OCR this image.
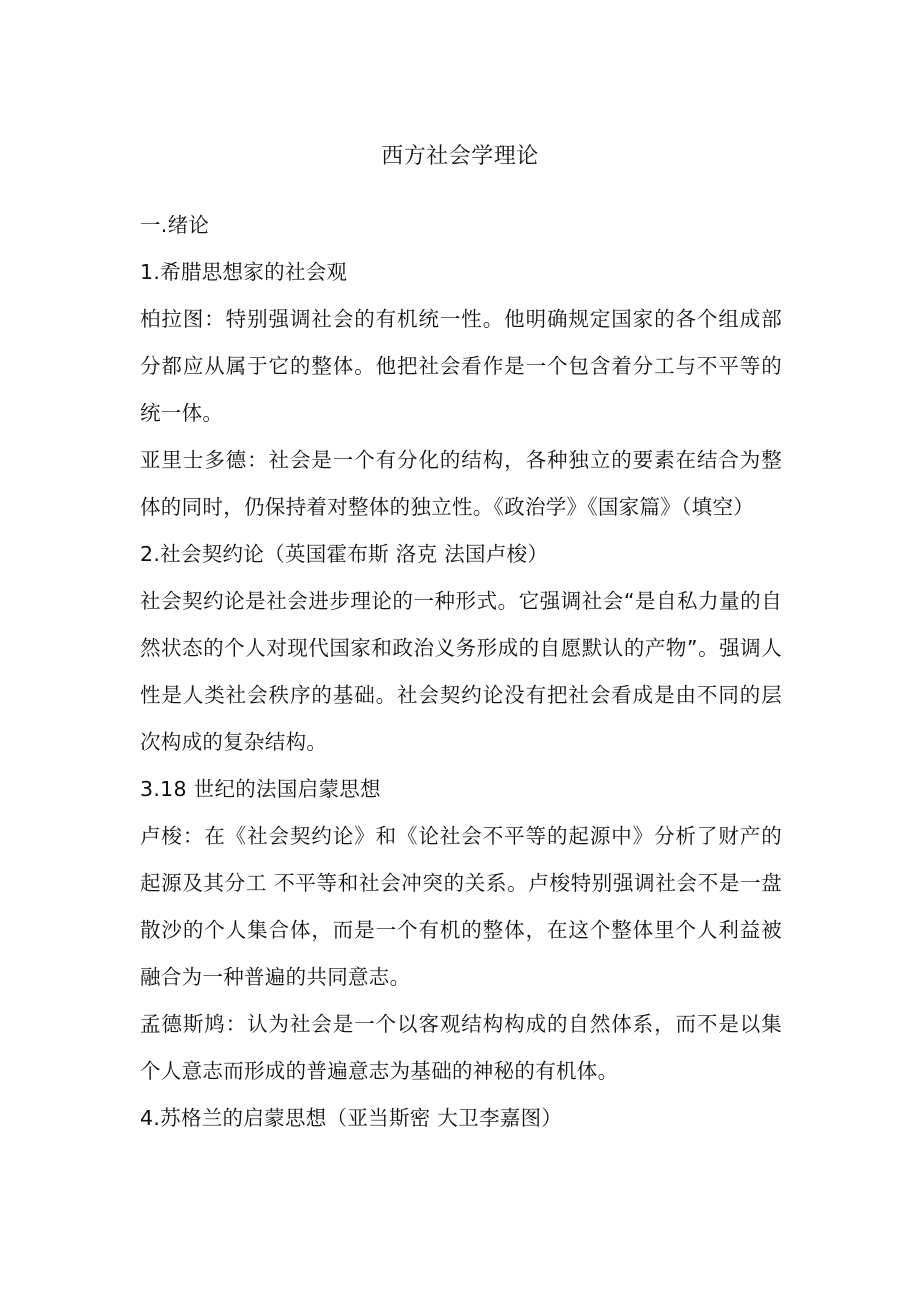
西方社会学理论

一.绪论

1.希腊思想家的社会观

柏拉图：特别强调社会的有机统一性。他明确规定国家的各个组成部分都应从属于它的整体。他把社会看作是一个包含着分工与不平等的统一体。

亚里士多德：社会是一个有分化的结构，各种独立的要素在结合为整体的同时，仍保持着对整体的独立性。《政治学》《国家篇》（填空）

2.社会契约论（英国霍布斯 洛克 法国卢梭）

社会契约论是社会进步理论的一种形式。它强调社会“是自私力量的自然状态的个人对现代国家和政治义务形成的自愿默认的产物”。强调人性是人类社会秩序的基础。社会契约论没有把社会看成是由不同的层次构成的复杂结构。

3.18 世纪的法国启蒙思想

卢梭：在《社会契约论》和《论社会不平等的起源中》分析了财产的起源及其分工 不平等和社会冲突的关系。卢梭特别强调社会不是一盘散沙的个人集合体，而是一个有机的整体，在这个整体里个人利益被融合为一种普遍的共同意志。

孟德斯鸠：认为社会是一个以客观结构构成的自然体系，而不是以集个人意志而形成的普遍意志为基础的神秘的有机体。

4.苏格兰的启蒙思想（亚当斯密 大卫李嘉图）
